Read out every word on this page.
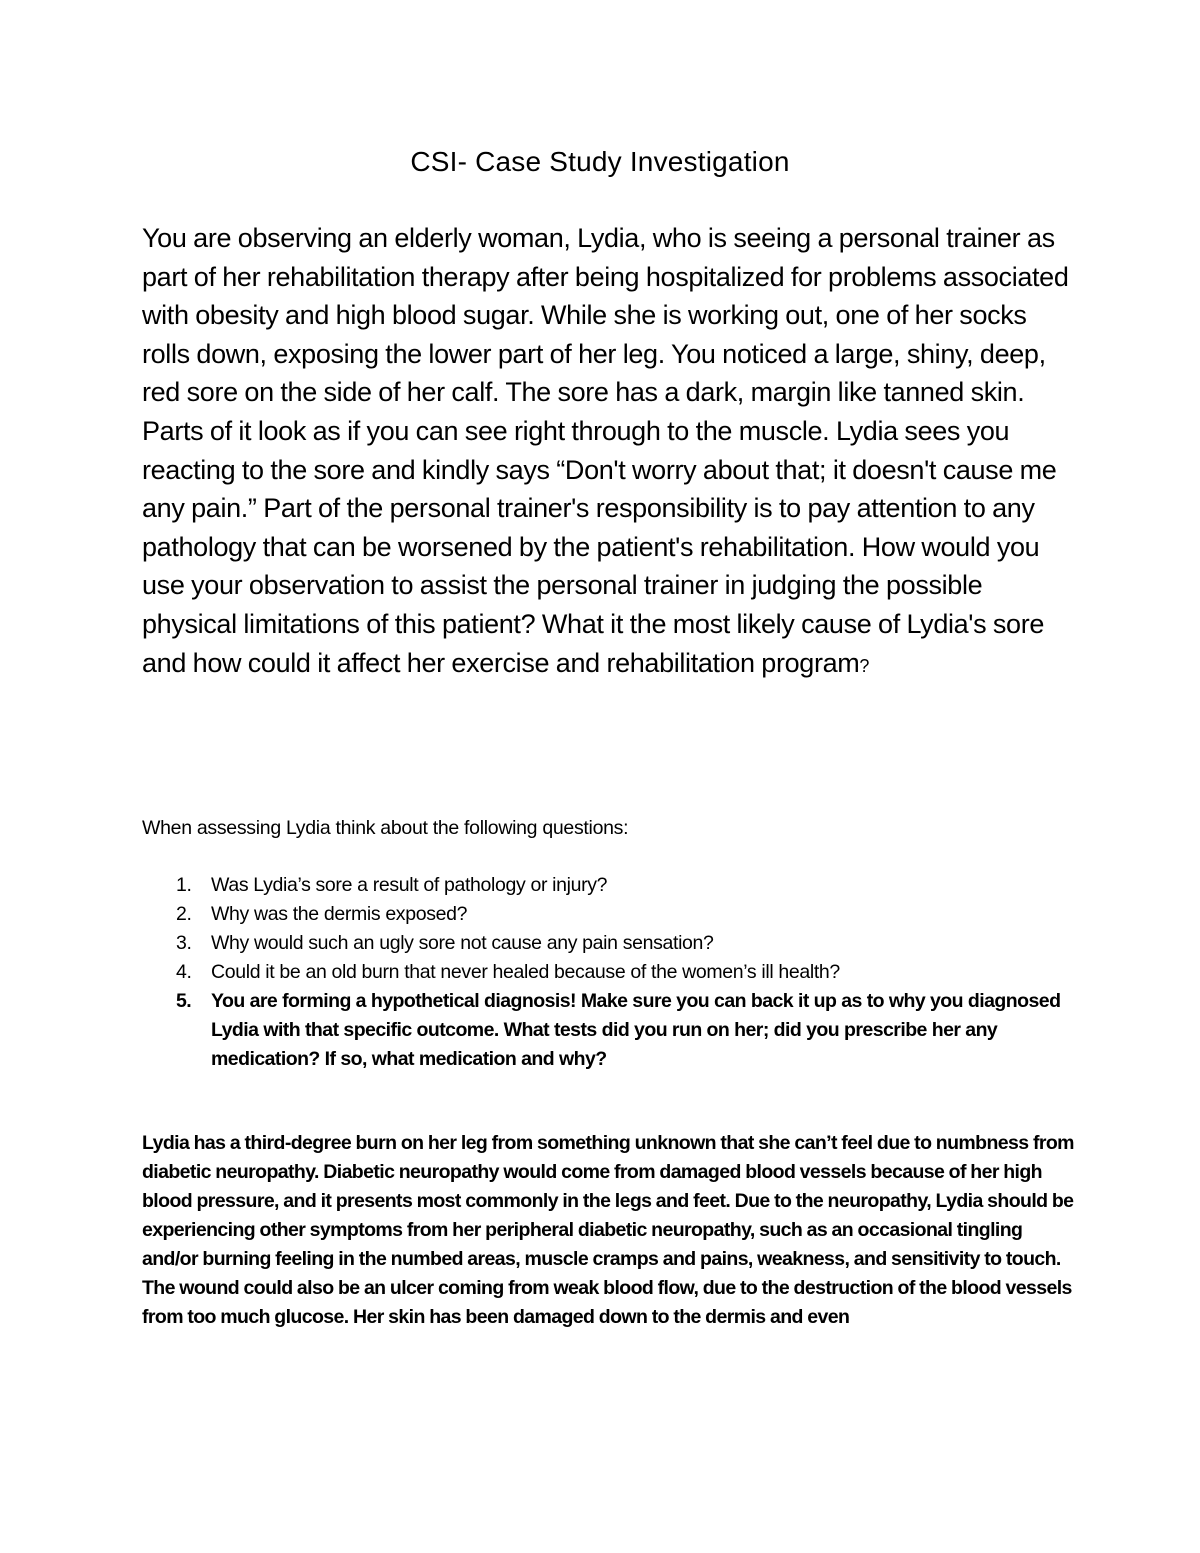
CSI- Case Study Investigation

You are observing an elderly woman, Lydia, who is seeing a personal trainer as part of her rehabilitation therapy after being hospitalized for problems associated with obesity and high blood sugar. While she is working out, one of her socks rolls down, exposing the lower part of her leg. You noticed a large, shiny, deep, red sore on the side of her calf. The sore has a dark, margin like tanned skin. Parts of it look as if you can see right through to the muscle. Lydia sees you reacting to the sore and kindly says “Don't worry about that; it doesn't cause me any pain.” Part of the personal trainer's responsibility is to pay attention to any pathology that can be worsened by the patient's rehabilitation. How would you use your observation to assist the personal trainer in judging the possible physical limitations of this patient? What it the most likely cause of Lydia's sore and how could it affect her exercise and rehabilitation program?

When assessing Lydia think about the following questions:

1. Was Lydia’s sore a result of pathology or injury?
2. Why was the dermis exposed?
3. Why would such an ugly sore not cause any pain sensation?
4. Could it be an old burn that never healed because of the women’s ill health?
5. You are forming a hypothetical diagnosis! Make sure you can back it up as to why you diagnosed Lydia with that specific outcome. What tests did you run on her; did you prescribe her any medication? If so, what medication and why?

Lydia has a third-degree burn on her leg from something unknown that she can’t feel due to numbness from diabetic neuropathy. Diabetic neuropathy would come from damaged blood vessels because of her high blood pressure, and it presents most commonly in the legs and feet. Due to the neuropathy, Lydia should be experiencing other symptoms from her peripheral diabetic neuropathy, such as an occasional tingling and/or burning feeling in the numbed areas, muscle cramps and pains, weakness, and sensitivity to touch. The wound could also be an ulcer coming from weak blood flow, due to the destruction of the blood vessels from too much glucose. Her skin has been damaged down to the dermis and even
